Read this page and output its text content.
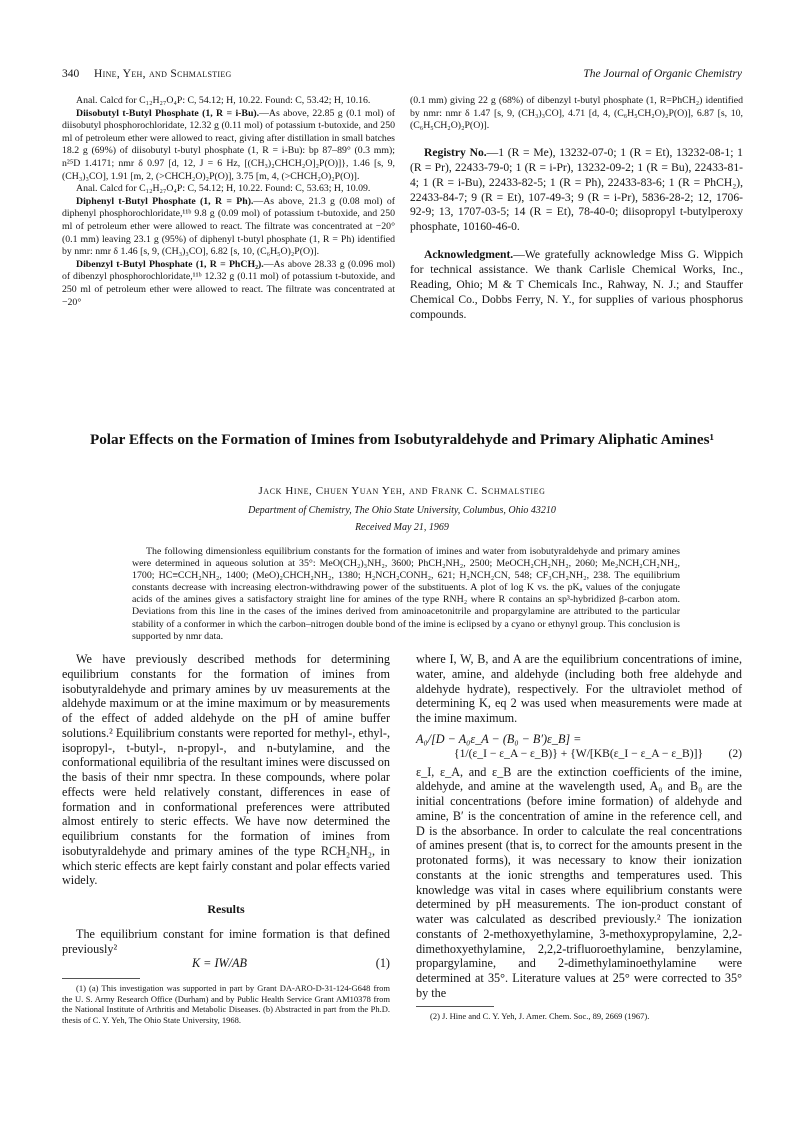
340 Hine, Yeh, and Schmalstieg	The Journal of Organic Chemistry

Anal. Calcd for C₁₂H₂₇O₄P: C, 54.12; H, 10.22. Found: C, 53.42; H, 10.16.

Diisobutyl t-Butyl Phosphate (1, R = i-Bu).—As above, 22.85 g (0.1 mol) of diisobutyl phosphorochloridate, 12.32 g (0.11 mol) of potassium t-butoxide, and 250 ml of petroleum ether were allowed to react, giving after distillation in small batches 18.2 g (69%) of diisobutyl t-butyl phosphate (1, R = i-Bu): bp 87–89° (0.3 mm); n²⁵D 1.4171; nmr δ 0.97 [d, 12, J = 6 Hz, [(CH₃)₂CHCH₂O]₂P(O)]}, 1.46 [s, 9, (CH₃)₃CO], 1.91 [m, 2, (>CHCH₂O)₂P(O)], 3.75 [m, 4, (>CHCH₂O)₂P(O)].

Anal. Calcd for C₁₂H₂₇O₄P: C, 54.12; H, 10.22. Found: C, 53.63; H, 10.09.

Diphenyl t-Butyl Phosphate (1, R = Ph).—As above, 21.3 g (0.08 mol) of diphenyl phosphorochloridate,¹¹ᵇ 9.8 g (0.09 mol) of potassium t-butoxide, and 250 ml of petroleum ether were allowed to react. The filtrate was concentrated at −20° (0.1 mm) leaving 23.1 g (95%) of diphenyl t-butyl phosphate (1, R = Ph) identified by nmr: nmr δ 1.46 [s, 9, (CH₃)₃CO], 6.82 [s, 10, (C₆H₅O)₂P(O)].

Dibenzyl t-Butyl Phosphate (1, R = PhCH₂).—As above 28.33 g (0.096 mol) of dibenzyl phosphorochloridate,¹¹ᵇ 12.32 g (0.11 mol) of potassium t-butoxide, and 250 ml of petroleum ether were allowed to react. The filtrate was concentrated at −20°

(0.1 mm) giving 22 g (68%) of dibenzyl t-butyl phosphate (1, R=PhCH₂) identified by nmr: nmr δ 1.47 [s, 9, (CH₃)₃CO], 4.71 [d, 4, (C₆H₅CH₂O)₂P(O)], 6.87 [s, 10, (C₆H₅CH₂O)₂P(O)].

Registry No.—1 (R = Me), 13232-07-0; 1 (R = Et), 13232-08-1; 1 (R = Pr), 22433-79-0; 1 (R = i-Pr), 13232-09-2; 1 (R = Bu), 22433-81-4; 1 (R = i-Bu), 22433-82-5; 1 (R = Ph), 22433-83-6; 1 (R = PhCH₂), 22433-84-7; 9 (R = Et), 107-49-3; 9 (R = i-Pr), 5836-28-2; 12, 1706-92-9; 13, 1707-03-5; 14 (R = Et), 78-40-0; diisopropyl t-butylperoxy phosphate, 10160-46-0.

Acknowledgment.—We gratefully acknowledge Miss G. Wippich for technical assistance. We thank Carlisle Chemical Works, Inc., Reading, Ohio; M & T Chemicals Inc., Rahway, N. J.; and Stauffer Chemical Co., Dobbs Ferry, N. Y., for supplies of various phosphorus compounds.

Polar Effects on the Formation of Imines from Isobutyraldehyde and Primary Aliphatic Amines¹
Jack Hine, Chuen Yuan Yeh, and Frank C. Schmalstieg
Department of Chemistry, The Ohio State University, Columbus, Ohio 43210
Received May 21, 1969

The following dimensionless equilibrium constants for the formation of imines and water from isobutyraldehyde and primary amines were determined in aqueous solution at 35°: MeO(CH₂)₃NH₂, 3600; PhCH₂NH₂, 2500; MeOCH₂CH₂NH₂, 2060; Me₂NCH₂CH₂NH₂, 1700; HC≡CCH₂NH₂, 1400; (MeO)₂CHCH₂NH₂, 1380; H₂NCH₂CONH₂, 621; H₂NCH₂CN, 548; CF₃CH₂NH₂, 238. The equilibrium constants decrease with increasing electron-withdrawing power of the substituents. A plot of log K vs. the pKₐ values of the conjugate acids of the amines gives a satisfactory straight line for amines of the type RNH₂ where R contains an sp³-hybridized β-carbon atom. Deviations from this line in the cases of the imines derived from aminoacetonitrile and propargylamine are attributed to the particular stability of a conformer in which the carbon–nitrogen double bond of the imine is eclipsed by a cyano or ethynyl group. This conclusion is supported by nmr data.

We have previously described methods for determining equilibrium constants for the formation of imines from isobutyraldehyde and primary amines by uv measurements at the aldehyde maximum or at the imine maximum or by measurements of the effect of added aldehyde on the pH of amine buffer solutions.² Equilibrium constants were reported for methyl-, ethyl-, isopropyl-, t-butyl-, n-propyl-, and n-butylamine, and the conformational equilibria of the resultant imines were discussed on the basis of their nmr spectra. In these compounds, where polar effects were held relatively constant, differences in ease of formation and in conformational preferences were attributed almost entirely to steric effects. We have now determined the equilibrium constants for the formation of imines from isobutyraldehyde and primary amines of the type RCH₂NH₂, in which steric effects are kept fairly constant and polar effects varied widely.

Results

The equilibrium constant for imine formation is that defined previously²

K = IW/AB	(1)

(1) (a) This investigation was supported in part by Grant DA-ARO-D-31-124-G648 from the U. S. Army Research Office (Durham) and by Public Health Service Grant AM10378 from the National Institute of Arthritis and Metabolic Diseases. (b) Abstracted in part from the Ph.D. thesis of C. Y. Yeh, The Ohio State University, 1968.

where I, W, B, and A are the equilibrium concentrations of imine, water, amine, and aldehyde (including both free aldehyde and aldehyde hydrate), respectively. For the ultraviolet method of determining K, eq 2 was used when measurements were made at the imine maximum.

A₀/[D − A₀ε_A − (B₀ − B′)ε_B] =

{1/(ε_I − ε_A − ε_B)} + {W/[KB(ε_I − ε_A − ε_B)]} (2)

ε_I, ε_A, and ε_B are the extinction coefficients of the imine, aldehyde, and amine at the wavelength used, A₀ and B₀ are the initial concentrations (before imine formation) of aldehyde and amine, B′ is the concentration of amine in the reference cell, and D is the absorbance. In order to calculate the real concentrations of amines present (that is, to correct for the amounts present in the protonated forms), it was necessary to know their ionization constants at the ionic strengths and temperatures used. This knowledge was vital in cases where equilibrium constants were determined by pH measurements. The ion-product constant of water was calculated as described previously.² The ionization constants of 2-methoxyethylamine, 3-methoxypropylamine, 2,2-dimethoxyethylamine, 2,2,2-trifluoroethylamine, benzylamine, propargylamine, and 2-dimethylaminoethylamine were determined at 35°. Literature values at 25° were corrected to 35° by the

(2) J. Hine and C. Y. Yeh, J. Amer. Chem. Soc., 89, 2669 (1967).
